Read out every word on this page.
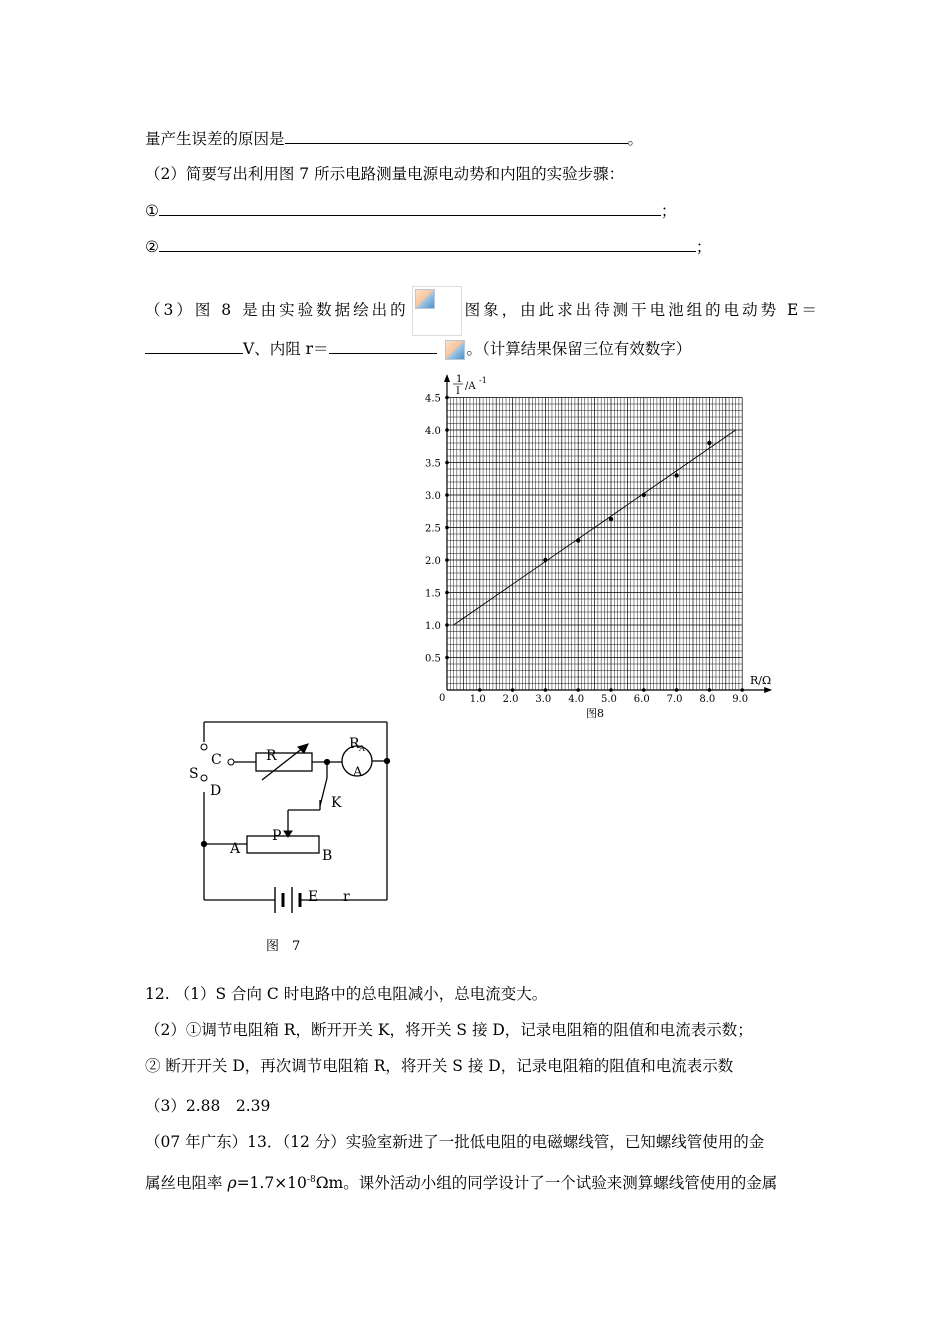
量产生误差的原因是	。
（2）简要写出利用图 7 所示电路测量电源电动势和内阻的实验步骤：
①	；
②	；
（3）图 8 是由实验数据绘出的	图象，由此求出待测干电池组的电动势 E＝
V、内阻 r＝	。（计算结果保留三位有效数字）
1.0 2.0 3.0 4.0 5.0 6.0 7.0 8.0 9.0
0.5
1.0
1.5
2.0
2.5
3.0
3.5
4.0
4.5
1
I /A
-1
R/Ω
0
图8
C
S
D
R
R A
A
K
P
A	B
E r
图　7
12. （1）S 合向 C 时电路中的总电阻减小，总电流变大。
（2）①调节电阻箱 R，断开开关 K，将开关 S 接 D，记录电阻箱的阻值和电流表示数；
② 断开开关 D，再次调节电阻箱 R，将开关 S 接 D，记录电阻箱的阻值和电流表示数
（3）2.88　2.39
（07 年广东）13．（12 分）实验室新进了一批低电阻的电磁螺线管，已知螺线管使用的金
属丝电阻率 $\rho=1.7\times 10^{-8}\Omega m$。课外活动小组的同学设计了一个试验来测算螺线管使用的金属
